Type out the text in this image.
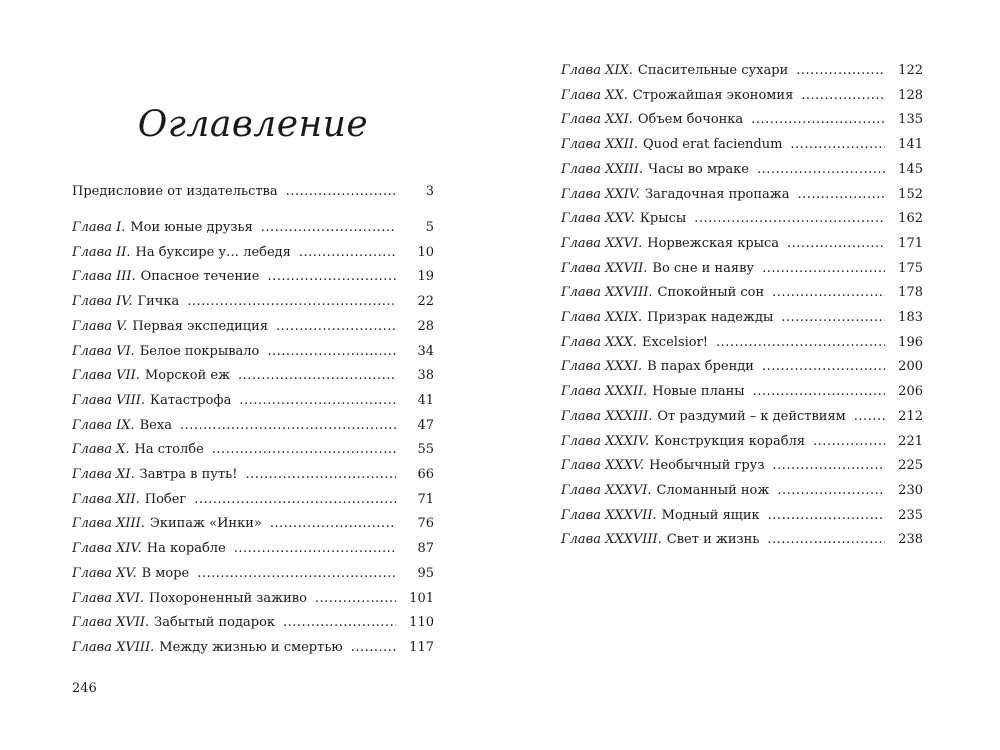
Оглавление
Предисловие от издательства .....	3
Глава I. Мои юные друзья .....	5
Глава II. На буксире у… лебедя .....	10
Глава III. Опасное течение .....	19
Глава IV. Гичка .....	22
Глава V. Первая экспедиция .....	28
Глава VI. Белое покрывало .....	34
Глава VII. Морской еж .....	38
Глава VIII. Катастрофа .....	41
Глава IX. Веха .....	47
Глава X. На столбе .....	55
Глава XI. Завтра в путь! .....	66
Глава XII. Побег .....	71
Глава XIII. Экипаж «Инки» .....	76
Глава XIV. На корабле .....	87
Глава XV. В море .....	95
Глава XVI. Похороненный заживо .....	101
Глава XVII. Забытый подарок .....	110
Глава XVIII. Между жизнью и смертью .....	117
246
Глава XIX. Спасительные сухари .....	122
Глава XX. Строжайшая экономия .....	128
Глава XXI. Объем бочонка .....	135
Глава XXII. Quod erat faciendum .....	141
Глава XXIII. Часы во мраке .....	145
Глава XXIV. Загадочная пропажа .....	152
Глава XXV. Крысы .....	162
Глава XXVI. Норвежская крыса .....	171
Глава XXVII. Во сне и наяву .....	175
Глава XXVIII. Спокойный сон .....	178
Глава XXIX. Призрак надежды .....	183
Глава XXX. Excelsior! .....	196
Глава XXXI. В парах бренди .....	200
Глава XXXII. Новые планы .....	206
Глава XXXIII. От раздумий – к действиям .....	212
Глава XXXIV. Конструкция корабля .....	221
Глава XXXV. Необычный груз .....	225
Глава XXXVI. Сломанный нож .....	230
Глава XXXVII. Модный ящик .....	235
Глава XXXVIII. Свет и жизнь .....	238
